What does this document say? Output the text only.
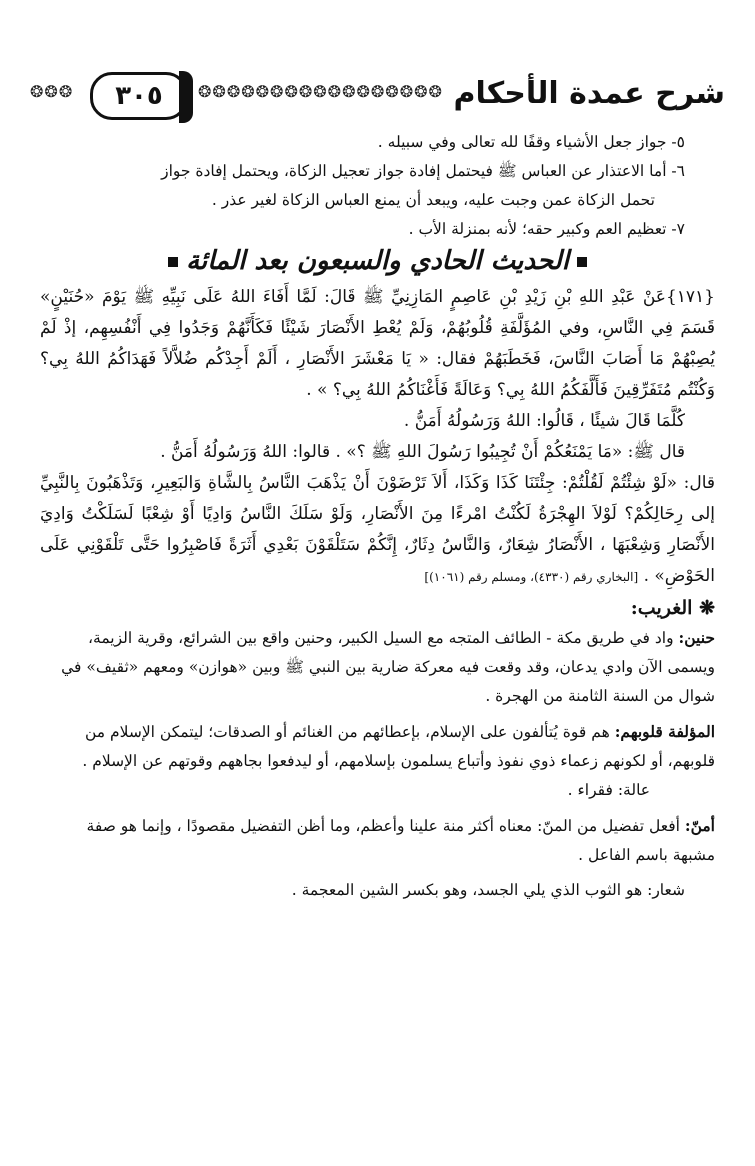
شرح عمدة الأحكام
❂❂❂❂❂❂❂❂❂❂❂❂❂❂❂❂❂
٣٠٥
❂❂❂

٥- جواز جعل الأشياء وقفًا لله تعالى وفي سبيله .

٦- أما الاعتذار عن العباس ﷺ فيحتمل إفادة جواز تعجيل الزكاة، ويحتمل إفادة جواز

تحمل الزكاة عمن وجبت عليه، ويبعد أن يمنع العباس الزكاة لغير عذر .

٧- تعظيم العم وكبير حقه؛ لأنه بمنزلة الأب .

الحديث الحادي والسبعون بعد المائة

{١٧١}عَنْ عَبْدِ اللهِ بْنِ زَيْدِ بْنِ عَاصِمٍ المَازِنِيِّ ﷺ قَالَ: لَمَّا أَفَاءَ اللهُ عَلَى نَبِيِّهِ ﷺ يَوْمَ «حُنَيْنٍ» قَسَمَ فِي النَّاسِ، وفي المُؤَلَّفَةِ قُلُوبُهُمْ، وَلَمْ يُعْطِ الأَنْصَارَ شَيْئًا فَكَأَنَّهُمْ وَجَدُوا فِي أَنْفُسِهِم، إذْ لَمْ يُصِبْهُمْ مَا أَصَابَ النَّاسَ، فَخَطَبَهُمْ فقال: « يَا مَعْشَرَ الأَنْصَارِ ، أَلَمْ أَجِدْكُم ضُلاَّلاً فَهَدَاكُمُ اللهُ بِي؟ وَكُنْتُم مُتَفَرِّقِينَ فَأَلَّفَكُمُ اللهُ بِي؟ وَعَالَةً فَأَغْنَاكُمُ اللهُ بِي؟ » .

كُلَّمَا قَالَ شيئًا ، قَالُوا: اللهُ وَرَسُولُهُ أَمَنُّ .

قال ﷺ: «مَا يَمْنَعُكُمْ أَنْ تُجِيبُوا رَسُولَ اللهِ ﷺ ؟» . قالوا: اللهُ وَرَسُولُهُ أَمَنُّ .

قال: «لَوْ شِئْتُمْ لَقُلْتُمْ: جِئْتَنَا كَذَا وَكَذَا، أَلاَ تَرْضَوْنَ أَنْ يَذْهَبَ النَّاسُ بِالشَّاةِ وَالبَعِيرِ، وَتَذْهَبُونَ بِالنَّبِيِّ إلى رِحَالِكُمْ؟ لَوْلاَ الهِجْرَةُ لَكُنْتُ امْرءًا مِنَ الأَنْصَارِ، وَلَوْ سَلَكَ النَّاسُ وَادِيًا أَوْ شِعْبًا لَسَلَكْتُ وَادِيَ الأَنْصَارِ وَشِعْبَهَا ، الأَنْصَارُ شِعَارٌ، وَالنَّاسُ دِثَارٌ، إِنَّكُمْ سَتَلْقَوْنَ بَعْدِي أَثَرَةً فَاصْبِرُوا حَتَّى تَلْقَوْنِي عَلَى الحَوْضِ» . [البخاري رقم (٤٣٣٠)، ومسلم رقم (١٠٦١)]

❋ الغريب:

حنين: واد في طريق مكة - الطائف المتجه مع السيل الكبير، وحنين واقع بين الشرائع، وقرية الزيمة، ويسمى الآن وادي يدعان، وقد وقعت فيه معركة ضارية بين النبي ﷺ وبين «هوازن» ومعهم «ثقيف» في شوال من السنة الثامنة من الهجرة .

المؤلفة قلوبهم: هم قوة يُتألفون على الإسلام، بإعطائهم من الغنائم أو الصدقات؛ ليتمكن الإسلام من قلوبهم، أو لكونهم زعماء ذوي نفوذ وأتباع يسلمون بإسلامهم، أو ليدفعوا بجاههم وقوتهم عن الإسلام .  عالة: فقراء .

أمنّ: أفعل تفضيل من المنّ: معناه أكثر منة علينا وأعظم، وما أظن التفضيل مقصودًا ، وإنما هو صفة مشبهة باسم الفاعل .

شعار: هو الثوب الذي يلي الجسد، وهو بكسر الشين المعجمة .
